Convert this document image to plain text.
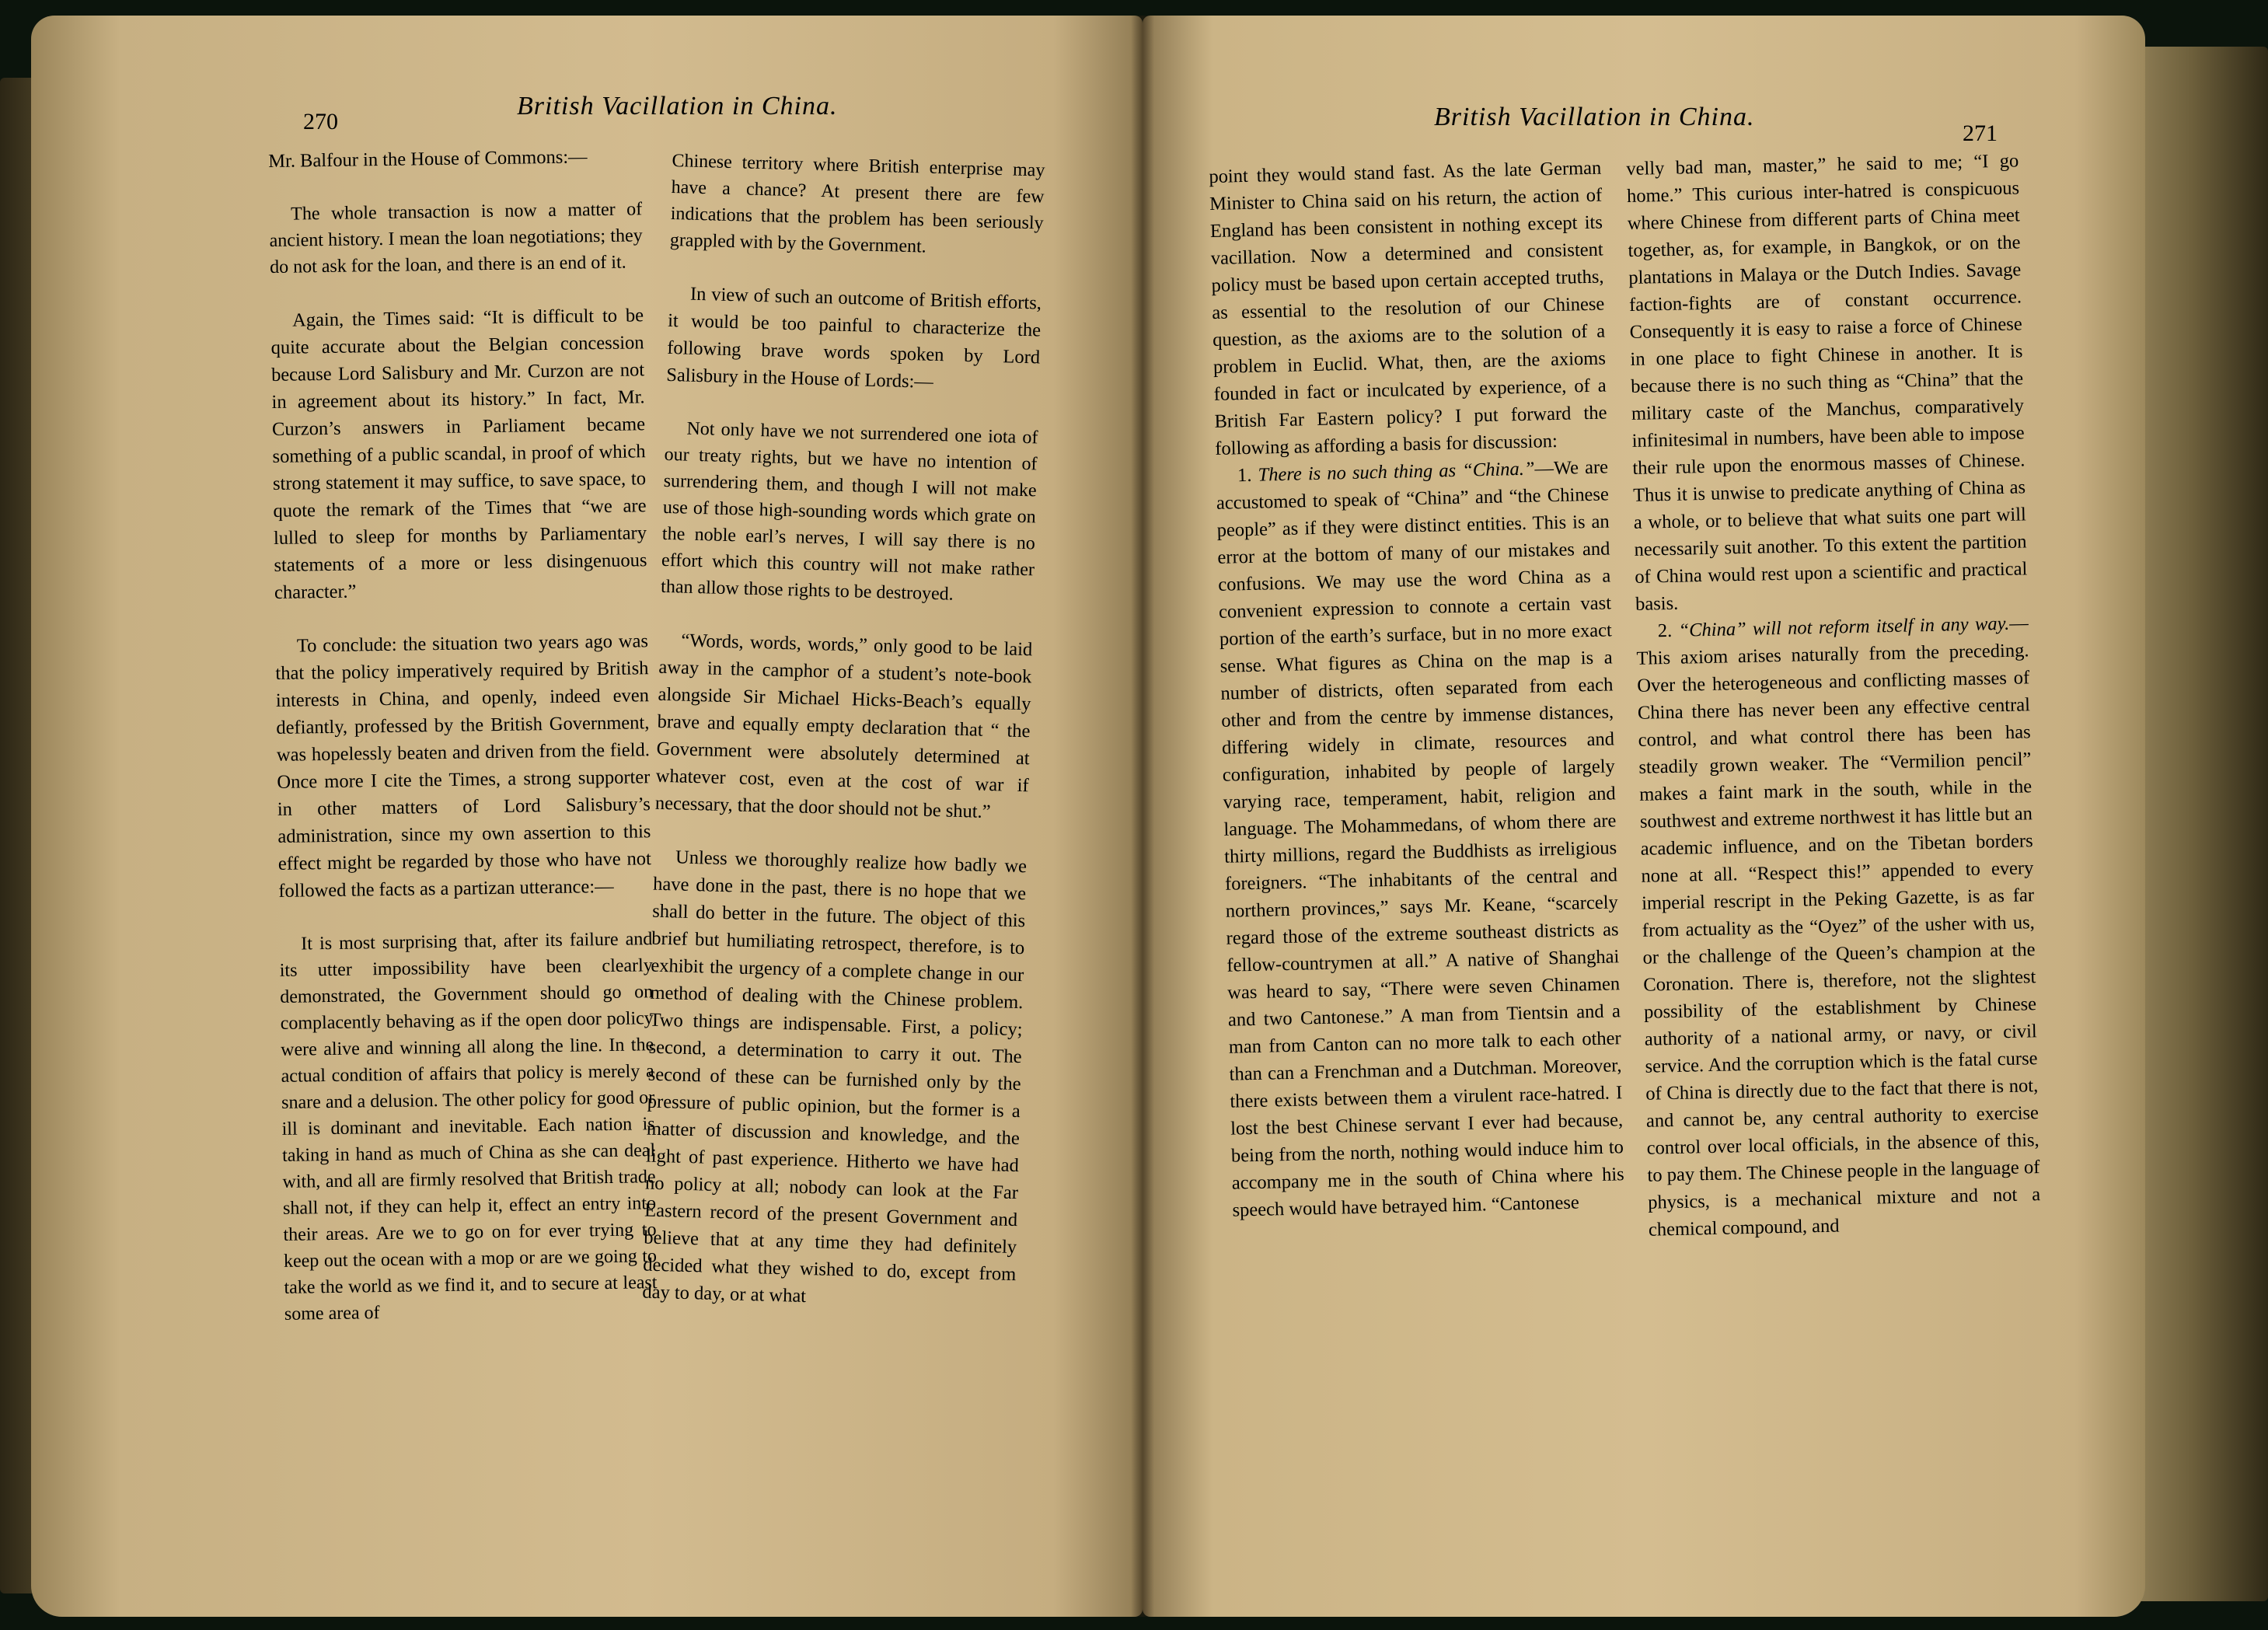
270
British Vacillation in China.	British Vacillation in China.
271

Mr. Balfour in the House of Commons:—

The whole transaction is now a matter of ancient history. I mean the loan negotiations; they do not ask for the loan, and there is an end of it.

Again, the Times said: “It is difficult to be quite accurate about the Belgian concession because Lord Salisbury and Mr. Curzon are not in agreement about its history.” In fact, Mr. Curzon’s answers in Parliament became something of a public scandal, in proof of which strong statement it may suffice, to save space, to quote the remark of the Times that “we are lulled to sleep for months by Parliamentary statements of a more or less disingenuous character.”

To conclude: the situation two years ago was that the policy imperatively required by British interests in China, and openly, indeed even defiantly, professed by the British Government, was hopelessly beaten and driven from the field. Once more I cite the Times, a strong supporter in other matters of Lord Salisbury’s administration, since my own assertion to this effect might be regarded by those who have not followed the facts as a partizan utterance:—

It is most surprising that, after its failure and its utter impossibility have been clearly demonstrated, the Government should go on complacently behaving as if the open door policy were alive and winning all along the line. In the actual condition of affairs that policy is merely a snare and a delusion. The other policy for good or ill is dominant and inevitable. Each nation is taking in hand as much of China as she can deal with, and all are firmly resolved that British trade shall not, if they can help it, effect an entry into their areas. Are we to go on for ever trying to keep out the ocean with a mop or are we going to take the world as we find it, and to secure at least some area of

Chinese territory where British enterprise may have a chance? At present there are few indications that the problem has been seriously grappled with by the Government.

In view of such an outcome of British efforts, it would be too painful to characterize the following brave words spoken by Lord Salisbury in the House of Lords:—

Not only have we not surrendered one iota of our treaty rights, but we have no intention of surrendering them, and though I will not make use of those high-sounding words which grate on the noble earl’s nerves, I will say there is no effort which this country will not make rather than allow those rights to be destroyed.

“Words, words, words,” only good to be laid away in the camphor of a student’s note-book alongside Sir Michael Hicks-Beach’s equally brave and equally empty declaration that “ the Government were absolutely determined at whatever cost, even at the cost of war if necessary, that the door should not be shut.”

Unless we thoroughly realize how badly we have done in the past, there is no hope that we shall do better in the future. The object of this brief but humiliating retrospect, therefore, is to exhibit the urgency of a complete change in our method of dealing with the Chinese problem. Two things are indispensable. First, a policy; second, a determination to carry it out. The second of these can be furnished only by the pressure of public opinion, but the former is a matter of discussion and knowledge, and the light of past experience. Hitherto we have had no policy at all; nobody can look at the Far Eastern record of the present Government and believe that at any time they had definitely decided what they wished to do, except from day to day, or at what

point they would stand fast. As the late German Minister to China said on his return, the action of England has been consistent in nothing except its vacillation. Now a determined and consistent policy must be based upon certain accepted truths, as essential to the resolution of our Chinese question, as the axioms are to the solution of a problem in Euclid. What, then, are the axioms founded in fact or inculcated by experience, of a British Far Eastern policy? I put forward the following as affording a basis for discussion:

1. There is no such thing as “China.”—We are accustomed to speak of “China” and “the Chinese people” as if they were distinct entities. This is an error at the bottom of many of our mistakes and confusions. We may use the word China as a convenient expression to connote a certain vast portion of the earth’s surface, but in no more exact sense. What figures as China on the map is a number of districts, often separated from each other and from the centre by immense distances, differing widely in climate, resources and configuration, inhabited by people of largely varying race, temperament, habit, religion and language. The Mohammedans, of whom there are thirty millions, regard the Buddhists as irreligious foreigners. “The inhabitants of the central and northern provinces,” says Mr. Keane, “scarcely regard those of the extreme southeast districts as fellow-countrymen at all.” A native of Shanghai was heard to say, “There were seven Chinamen and two Cantonese.” A man from Tientsin and a man from Canton can no more talk to each other than can a Frenchman and a Dutchman. Moreover, there exists between them a virulent race-hatred. I lost the best Chinese servant I ever had because, being from the north, nothing would induce him to accompany me in the south of China where his speech would have betrayed him. “Cantonese

velly bad man, master,” he said to me; “I go home.” This curious inter-hatred is conspicuous where Chinese from different parts of China meet together, as, for example, in Bangkok, or on the plantations in Malaya or the Dutch Indies. Savage faction-fights are of constant occurrence. Consequently it is easy to raise a force of Chinese in one place to fight Chinese in another. It is because there is no such thing as “China” that the military caste of the Manchus, comparatively infinitesimal in numbers, have been able to impose their rule upon the enormous masses of Chinese. Thus it is unwise to predicate anything of China as a whole, or to believe that what suits one part will necessarily suit another. To this extent the partition of China would rest upon a scientific and practical basis.

2. “China” will not reform itself in any way.—This axiom arises naturally from the preceding. Over the heterogeneous and conflicting masses of China there has never been any effective central control, and what control there has been has steadily grown weaker. The “Vermilion pencil” makes a faint mark in the south, while in the southwest and extreme northwest it has little but an academic influence, and on the Tibetan borders none at all. “Respect this!” appended to every imperial rescript in the Peking Gazette, is as far from actuality as the “Oyez” of the usher with us, or the challenge of the Queen’s champion at the Coronation. There is, therefore, not the slightest possibility of the establishment by Chinese authority of a national army, or navy, or civil service. And the corruption which is the fatal curse of China is directly due to the fact that there is not, and cannot be, any central authority to exercise control over local officials, in the absence of this, to pay them. The Chinese people in the language of physics, is a mechanical mixture and not a chemical compound, and
